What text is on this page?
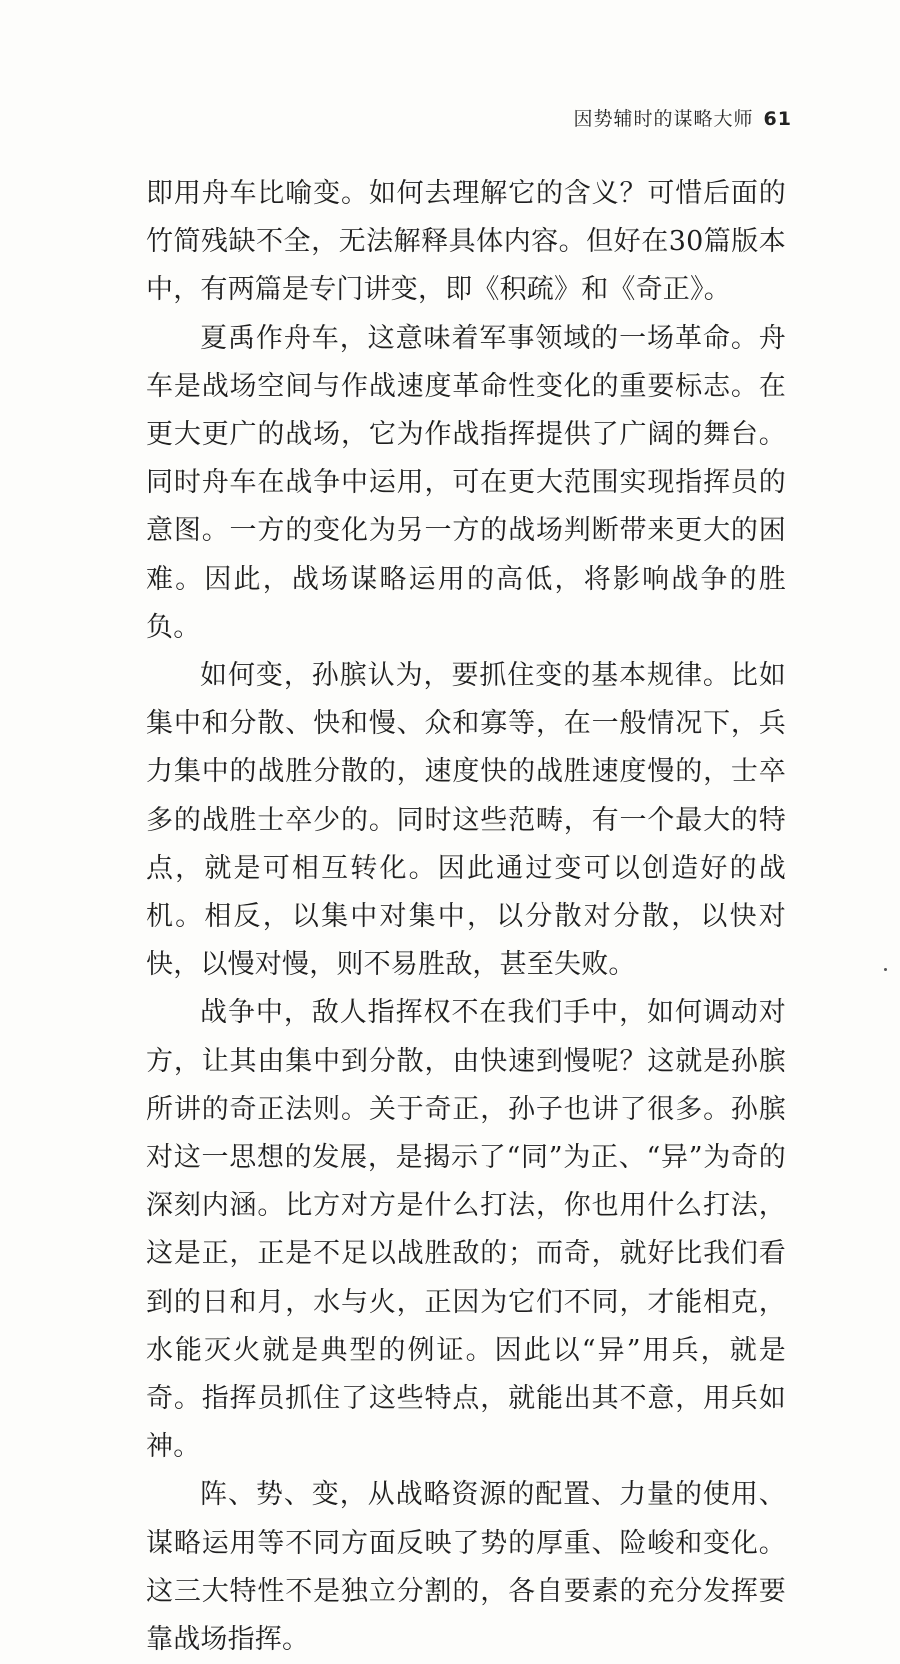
因势辅时的谋略大师 61

即用舟车比喻变。如何去理解它的含义？可惜后面的竹简残缺不全，无法解释具体内容。但好在30篇版本中，有两篇是专门讲变，即《积疏》和《奇正》。

夏禹作舟车，这意味着军事领域的一场革命。舟车是战场空间与作战速度革命性变化的重要标志。在更大更广的战场，它为作战指挥提供了广阔的舞台。同时舟车在战争中运用，可在更大范围实现指挥员的意图。一方的变化为另一方的战场判断带来更大的困难。因此，战场谋略运用的高低，将影响战争的胜负。

如何变，孙膑认为，要抓住变的基本规律。比如集中和分散、快和慢、众和寡等，在一般情况下，兵力集中的战胜分散的，速度快的战胜速度慢的，士卒多的战胜士卒少的。同时这些范畴，有一个最大的特点，就是可相互转化。因此通过变可以创造好的战机。相反，以集中对集中，以分散对分散，以快对快，以慢对慢，则不易胜敌，甚至失败。

战争中，敌人指挥权不在我们手中，如何调动对方，让其由集中到分散，由快速到慢呢？这就是孙膑所讲的奇正法则。关于奇正，孙子也讲了很多。孙膑对这一思想的发展，是揭示了“同”为正、“异”为奇的深刻内涵。比方对方是什么打法，你也用什么打法，这是正，正是不足以战胜敌的；而奇，就好比我们看到的日和月，水与火，正因为它们不同，才能相克，水能灭火就是典型的例证。因此以“异”用兵，就是奇。指挥员抓住了这些特点，就能出其不意，用兵如神。

阵、势、变，从战略资源的配置、力量的使用、谋略运用等不同方面反映了势的厚重、险峻和变化。这三大特性不是独立分割的，各自要素的充分发挥要靠战场指挥。
